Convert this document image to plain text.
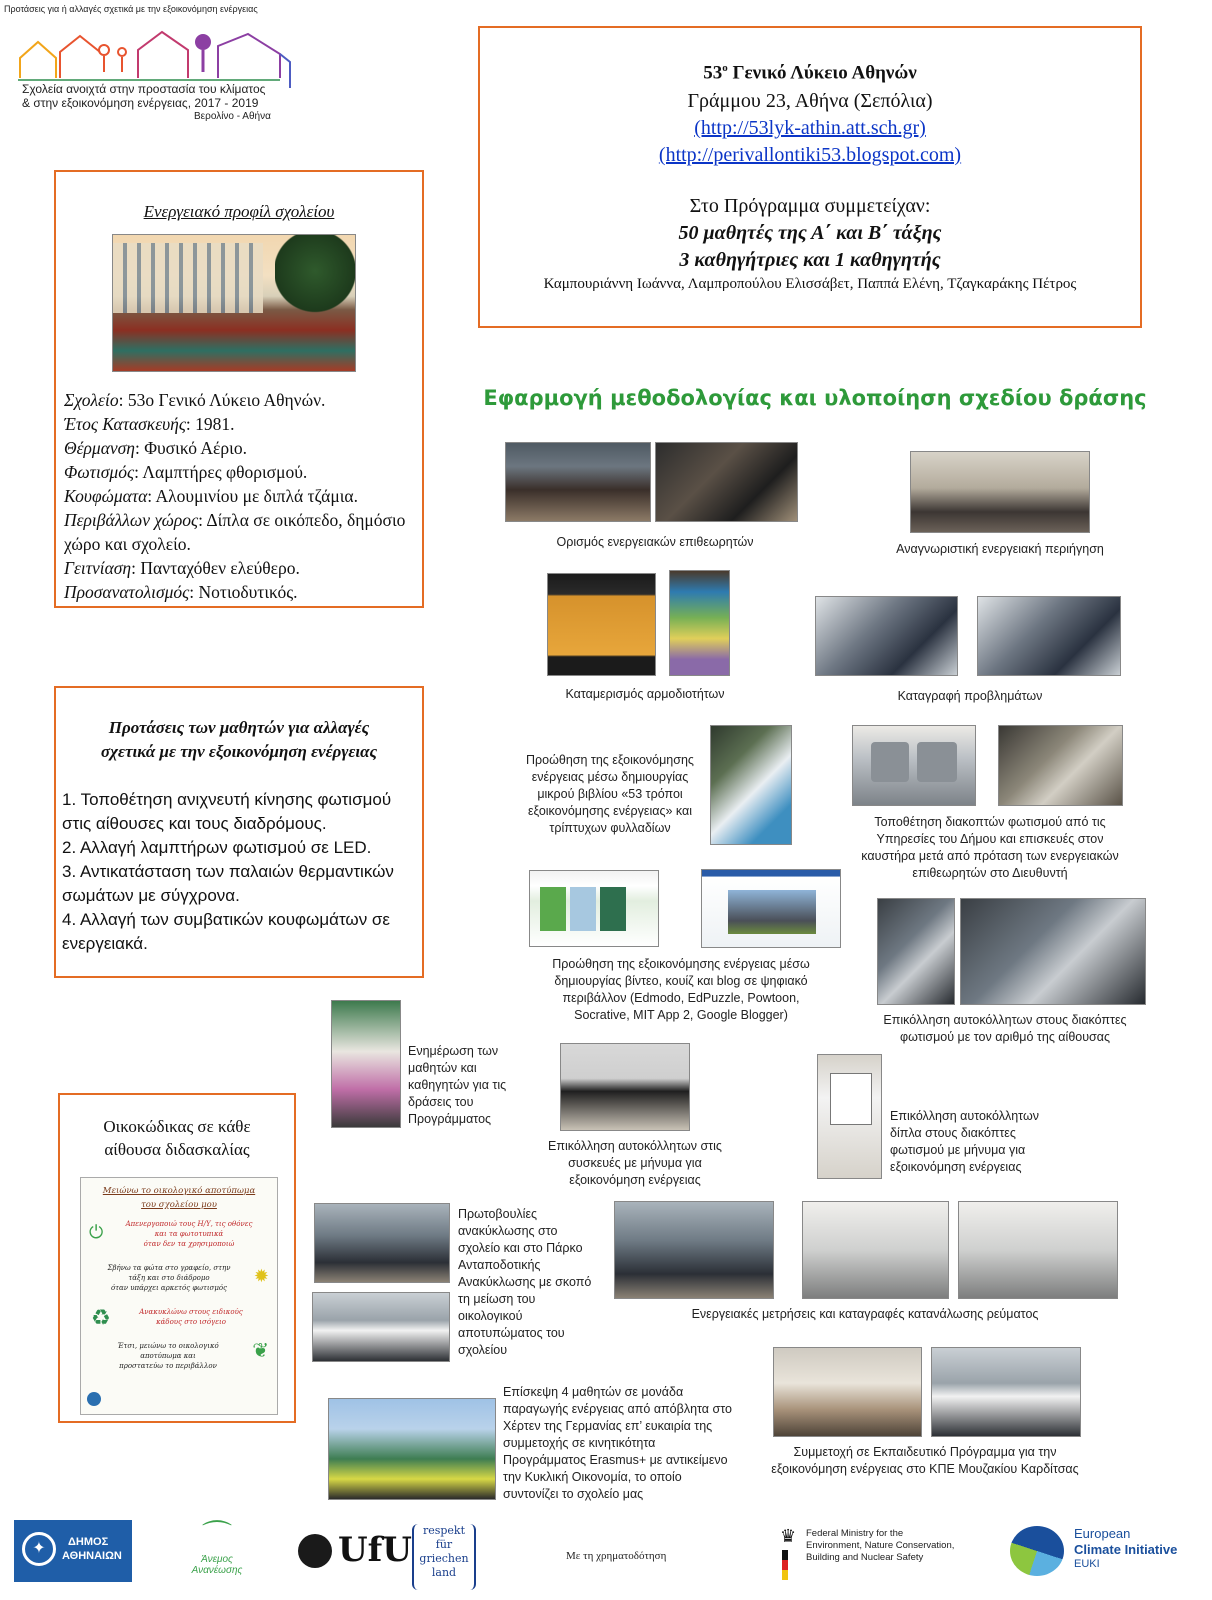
Προτάσεις για ή αλλαγές σχετικά με την εξοικονόμηση ενέργειας
Σχολεία ανοιχτά στην προστασία του κλίματος
& στην εξοικονόμηση ενέργειας, 2017 - 2019
Βερολίνο - Αθήνα
$53^o$ Γενικό Λύκειο Αθηνών
Γράμμου 23, Αθήνα (Σεπόλια)
(http://53lyk-athin.att.sch.gr)
(http://perivallontiki53.blogspot.com)
Στο Πρόγραμμα συμμετείχαν:
50 μαθητές της Α΄ και Β΄ τάξης
3 καθηγήτριες και 1 καθηγητής
Καμπουριάννη Ιωάννα, Λαμπροπούλου Ελισσάβετ, Παππά Ελένη, Τζαγκαράκης Πέτρος
Ενεργειακό προφίλ σχολείου
Σχολείο: 53ο Γενικό Λύκειο Αθηνών.
Έτος Κατασκευής: 1981.
Θέρμανση: Φυσικό Αέριο.
Φωτισμός: Λαμπτήρες φθορισμού.
Κουφώματα: Αλουμινίου με διπλά τζάμια.
Περιβάλλων χώρος: Δίπλα σε οικόπεδο, δημόσιο χώρο και σχολείο.
Γειτνίαση: Πανταχόθεν ελεύθερο.
Προσανατολισμός: Νοτιοδυτικός.
Προτάσεις των μαθητών για αλλαγές
σχετικά με την εξοικονόμηση ενέργειας
1. Τοποθέτηση ανιχνευτή κίνησης φωτισμού στις αίθουσες και τους διαδρόμους.
2. Αλλαγή λαμπτήρων φωτισμού σε LED.
3. Αντικατάσταση των παλαιών θερμαντικών σωμάτων με σύγχρονα.
4. Αλλαγή των συμβατικών κουφωμάτων σε ενεργειακά.
Οικοκώδικας σε κάθε αίθουσα διδασκαλίας
Μειώνω το οικολογικό αποτύπωμα
του σχολείου μου
⏻	Απενεργοποιώ τους Η/Υ, τις οθόνες
και τα φωτοτυπικά
όταν δεν τα χρησιμοποιώ
✹
Σβήνω τα φώτα στο γραφείο, στην
τάξη και στο διάδρομο
όταν υπάρχει αρκετός φωτισμός
♻	Ανακυκλώνω στους ειδικούς
κάδους στο ισόγειο
❦
Έτσι, μειώνω το οικολογικό
αποτύπωμα και
προστατεύω το περιβάλλον
Εφαρμογή μεθοδολογίας και υλοποίηση σχεδίου δράσης
Ορισμός ενεργειακών επιθεωρητών	Αναγνωριστική ενεργειακή περιήγηση
Καταμερισμός αρμοδιοτήτων	Καταγραφή προβλημάτων
Προώθηση της εξοικονόμησης ενέργειας μέσω δημιουργίας μικρού βιβλίου «53 τρόποι εξοικονόμησης ενέργειας» και τρίπτυχων φυλλαδίων	Τοποθέτηση διακοπτών φωτισμού από τις Υπηρεσίες του Δήμου και επισκευές στον καυστήρα μετά από πρόταση των ενεργειακών επιθεωρητών στο Διευθυντή
Προώθηση της εξοικονόμησης ενέργειας μέσω δημιουργίας βίντεο, κουίζ και blog σε ψηφιακό περιβάλλον (Edmodo, EdPuzzle, Powtoon, Socrative, MIT App 2, Google Blogger)	Επικόλληση αυτοκόλλητων στους διακόπτες φωτισμού με τον αριθμό της αίθουσας
Ενημέρωση των μαθητών και καθηγητών για τις δράσεις του Προγράμματος
Επικόλληση αυτοκόλλητων στις συσκευές με μήνυμα για εξοικονόμηση ενέργειας
Επικόλληση αυτοκόλλητων δίπλα στους διακόπτες φωτισμού με μήνυμα για εξοικονόμηση ενέργειας
Πρωτοβουλίες ανακύκλωσης στο σχολείο και στο Πάρκο Ανταποδοτικής Ανακύκλωσης με σκοπό τη μείωση του οικολογικού αποτυπώματος του σχολείου
Ενεργειακές μετρήσεις και καταγραφές κατανάλωσης ρεύματος
Επίσκεψη 4 μαθητών σε μονάδα παραγωγής ενέργειας από απόβλητα στο Χέρτεν της Γερμανίας επ’ ευκαιρία της συμμετοχής σε κινητικότητα Προγράμματος Erasmus+ με αντικείμενο την Κυκλική Οικονομία, το οποίο συντονίζει το σχολείο μας
Συμμετοχή σε Εκπαιδευτικό Πρόγραμμα για την εξοικονόμηση ενέργειας στο ΚΠΕ Μουζακίου Καρδίτσας
✦	ΔΗΜΟΣ
ΑΘΗΝΑΙΩΝ
⌒
Άνεμος
Ανανέωσης
UfU	respekt
für
griechen
land
Με τη χρηματοδότηση
♛ Federal Ministry for the
Environment, Nature Conservation,
Building and Nuclear Safety
European
Climate Initiative
EUKI
